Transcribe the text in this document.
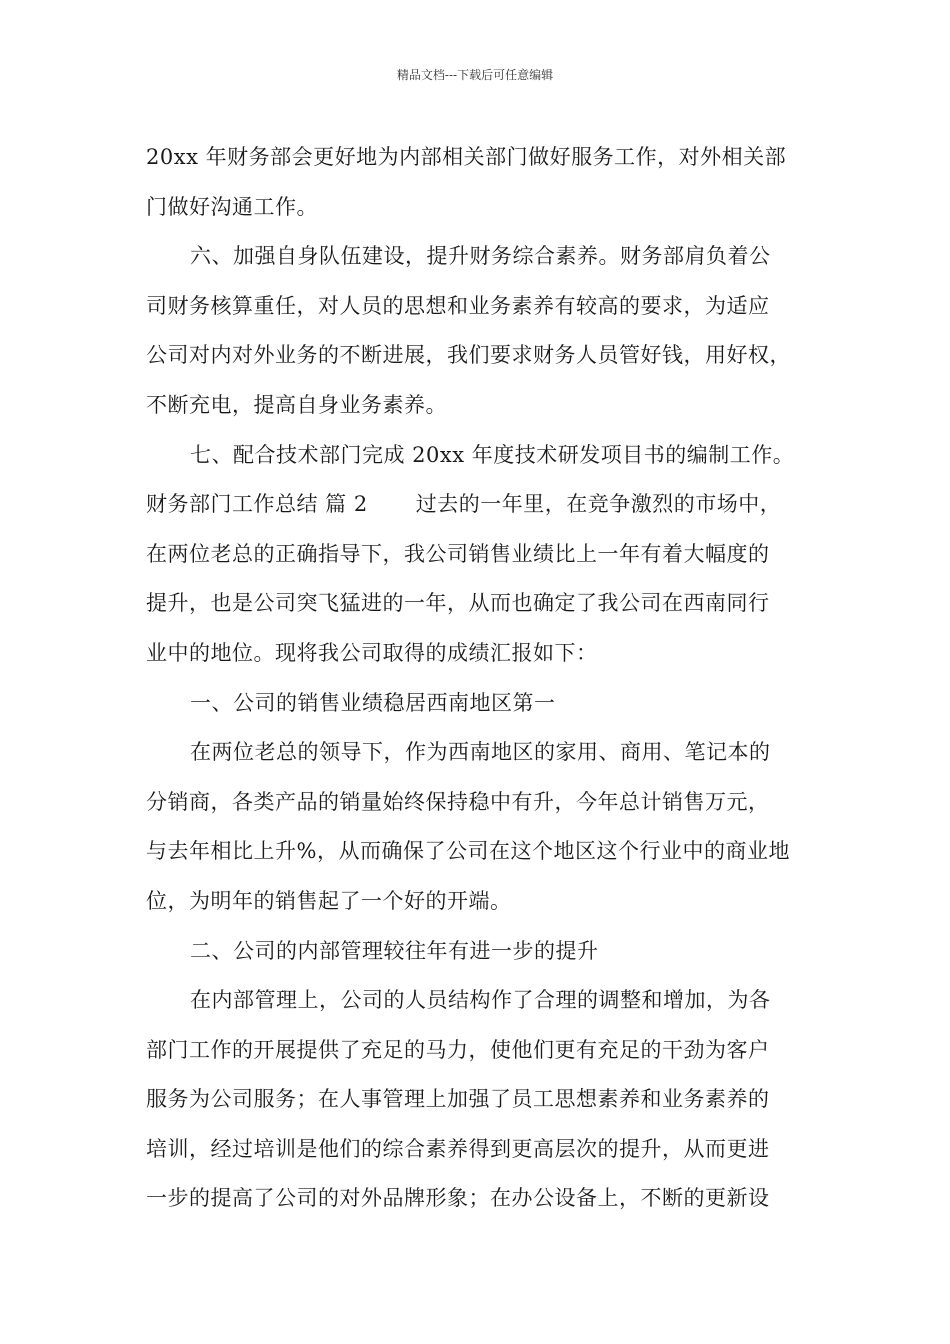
精品文档---下载后可任意编辑
20xx 年财务部会更好地为内部相关部门做好服务工作，对外相关部
门做好沟通工作。
六、加强自身队伍建设，提升财务综合素养。财务部肩负着公
司财务核算重任，对人员的思想和业务素养有较高的要求，为适应
公司对内对外业务的不断进展，我们要求财务人员管好钱，用好权，
不断充电，提高自身业务素养。
七、配合技术部门完成 20xx 年度技术研发项目书的编制工作。
财务部门工作总结 篇 2 过去的一年里，在竞争激烈的市场中，
在两位老总的正确指导下，我公司销售业绩比上一年有着大幅度的
提升，也是公司突飞猛进的一年，从而也确定了我公司在西南同行
业中的地位。现将我公司取得的成绩汇报如下：
一、公司的销售业绩稳居西南地区第一
在两位老总的领导下，作为西南地区的家用、商用、笔记本的
分销商，各类产品的销量始终保持稳中有升，今年总计销售万元，
与去年相比上升%，从而确保了公司在这个地区这个行业中的商业地
位，为明年的销售起了一个好的开端。
二、公司的内部管理较往年有进一步的提升
在内部管理上，公司的人员结构作了合理的调整和增加，为各
部门工作的开展提供了充足的马力，使他们更有充足的干劲为客户
服务为公司服务；在人事管理上加强了员工思想素养和业务素养的
培训，经过培训是他们的综合素养得到更高层次的提升，从而更进
一步的提高了公司的对外品牌形象；在办公设备上，不断的更新设
